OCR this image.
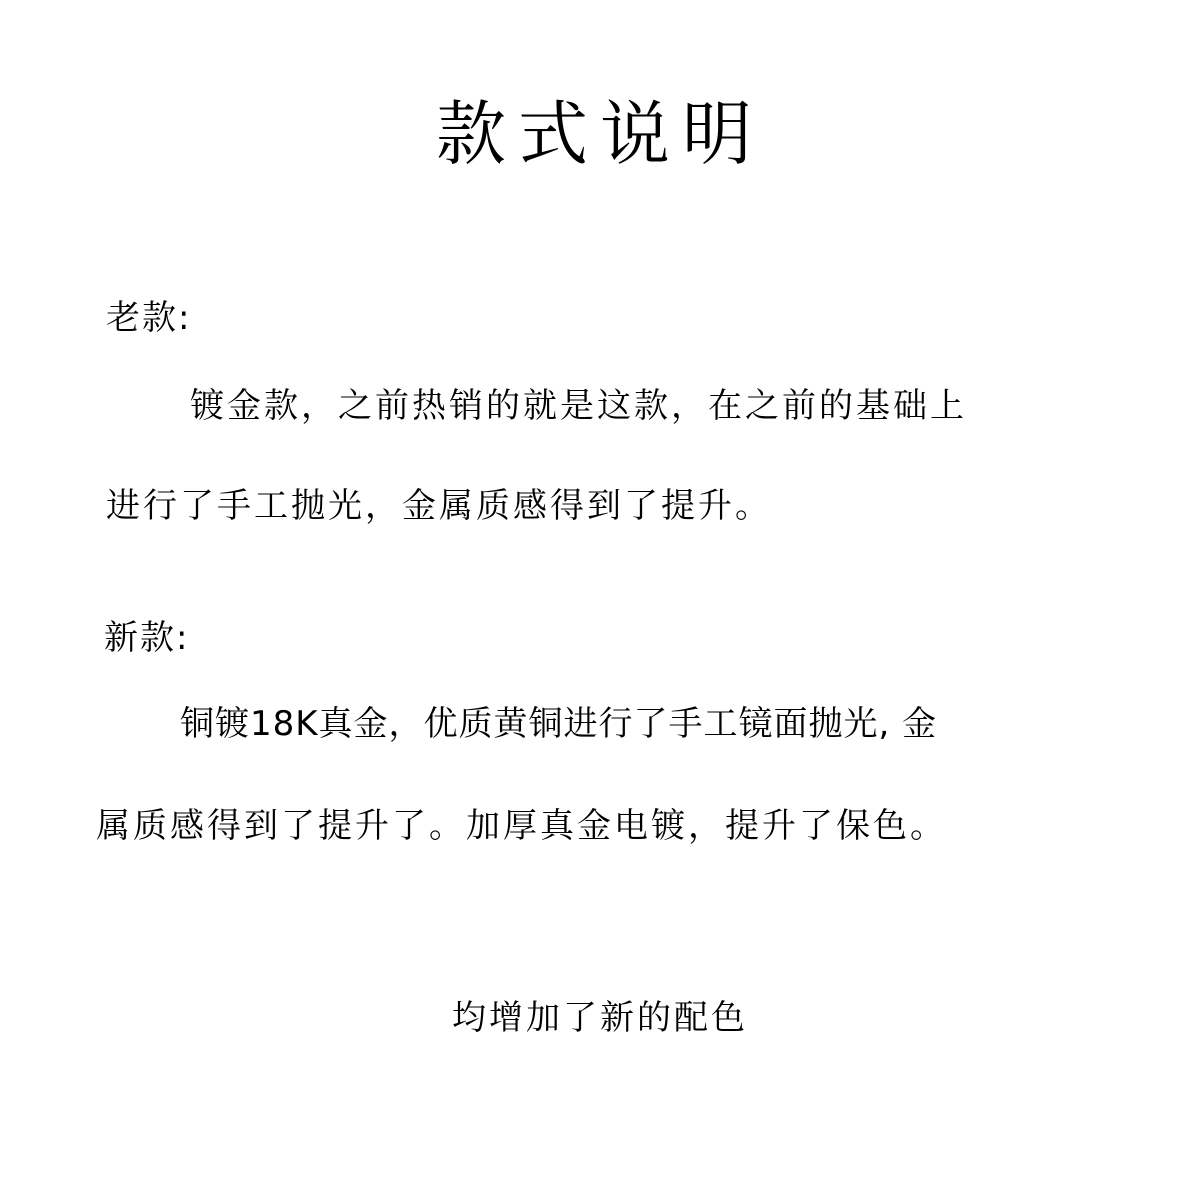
款式说明
老款:
镀金款，之前热销的就是这款，在之前的基础上
进行了手工抛光，金属质感得到了提升。
新款:
铜镀18K真金，优质黄铜进行了手工镜面抛光, 金
属质感得到了提升了。加厚真金电镀，提升了保色。
均增加了新的配色
